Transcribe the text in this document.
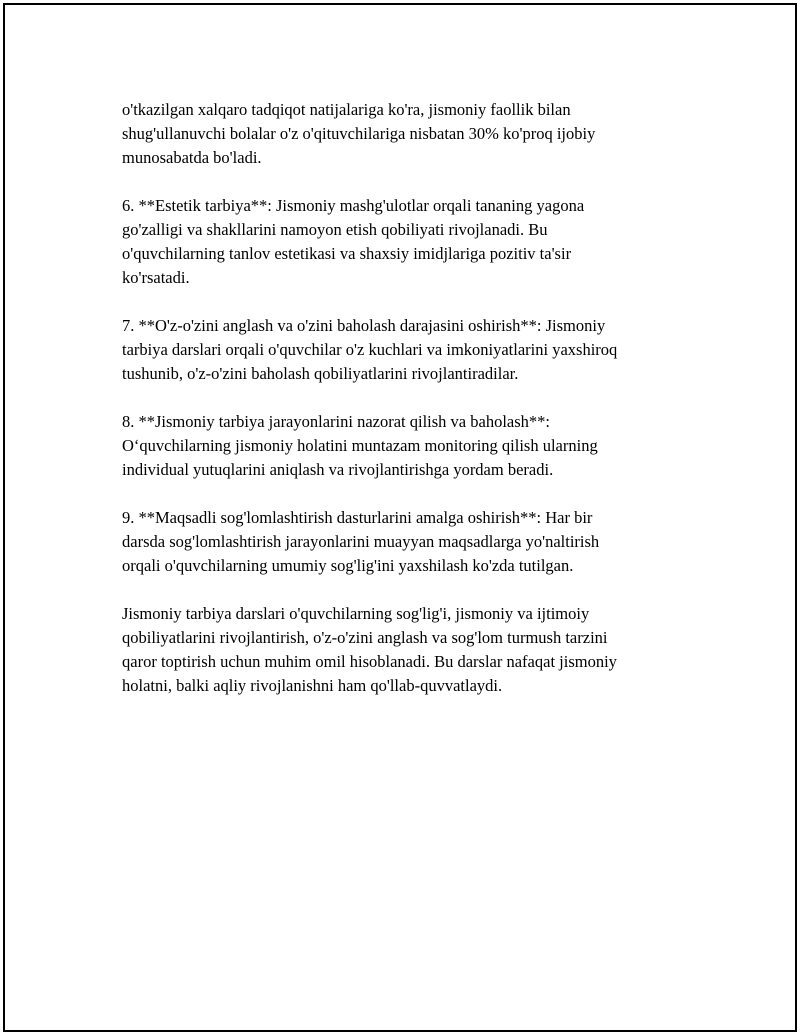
o'tkazilgan xalqaro tadqiqot natijalariga ko'ra, jismoniy faollik bilan
shug'ullanuvchi bolalar o'z o'qituvchilariga nisbatan 30% ko'proq ijobiy
munosabatda bo'ladi.

6. **Estetik tarbiya**: Jismoniy mashg'ulotlar orqali tananing yagona
go'zalligi va shakllarini namoyon etish qobiliyati rivojlanadi. Bu
o'quvchilarning tanlov estetikasi va shaxsiy imidjlariga pozitiv ta'sir
ko'rsatadi.

7. **O'z-o'zini anglash va o'zini baholash darajasini oshirish**: Jismoniy
tarbiya darslari orqali o'quvchilar o'z kuchlari va imkoniyatlarini yaxshiroq
tushunib, o'z-o'zini baholash qobiliyatlarini rivojlantiradilar.

8. **Jismoniy tarbiya jarayonlarini nazorat qilish va baholash**:
O‘quvchilarning jismoniy holatini muntazam monitoring qilish ularning
individual yutuqlarini aniqlash va rivojlantirishga yordam beradi.

9. **Maqsadli sog'lomlashtirish dasturlarini amalga oshirish**: Har bir
darsda sog'lomlashtirish jarayonlarini muayyan maqsadlarga yo'naltirish
orqali o'quvchilarning umumiy sog'lig'ini yaxshilash ko'zda tutilgan.

Jismoniy tarbiya darslari o'quvchilarning sog'lig'i, jismoniy va ijtimoiy
qobiliyatlarini rivojlantirish, o'z-o'zini anglash va sog'lom turmush tarzini
qaror toptirish uchun muhim omil hisoblanadi. Bu darslar nafaqat jismoniy
holatni, balki aqliy rivojlanishni ham qo'llab-quvvatlaydi.
